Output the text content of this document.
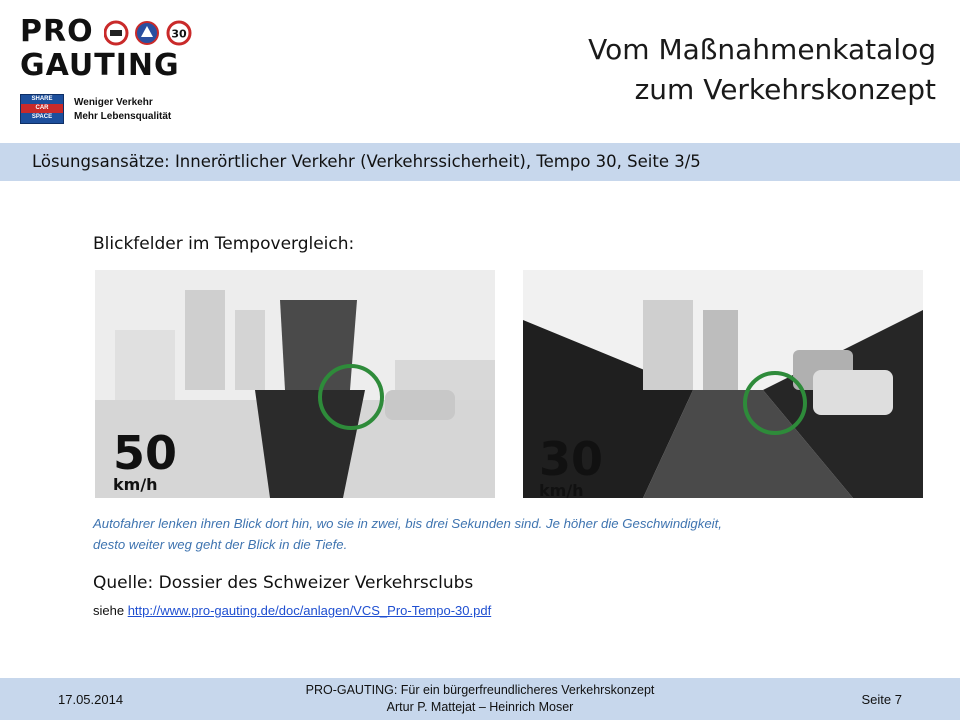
PRO	30
GAUTING
SHARE
CAR
SPACE
Weniger Verkehr
Mehr Lebensqualität
Vom Maßnahmenkatalog
zum Verkehrskonzept
Lösungsansätze: Innerörtlicher Verkehr (Verkehrssicherheit), Tempo 30, Seite 3/5
Blickfelder im Tempovergleich:
50
km/h	30
km/h
Autofahrer lenken ihren Blick dort hin, wo sie in zwei, bis drei Sekunden sind. Je höher die Geschwindigkeit,
desto weiter weg geht der Blick in die Tiefe.
Quelle: Dossier des Schweizer Verkehrsclubs
siehe http://www.pro-gauting.de/doc/anlagen/VCS_Pro-Tempo-30.pdf
17.05.2014
PRO-GAUTING: Für ein bürgerfreundlicheres Verkehrskonzept
Artur P. Mattejat – Heinrich Moser	Seite 7
